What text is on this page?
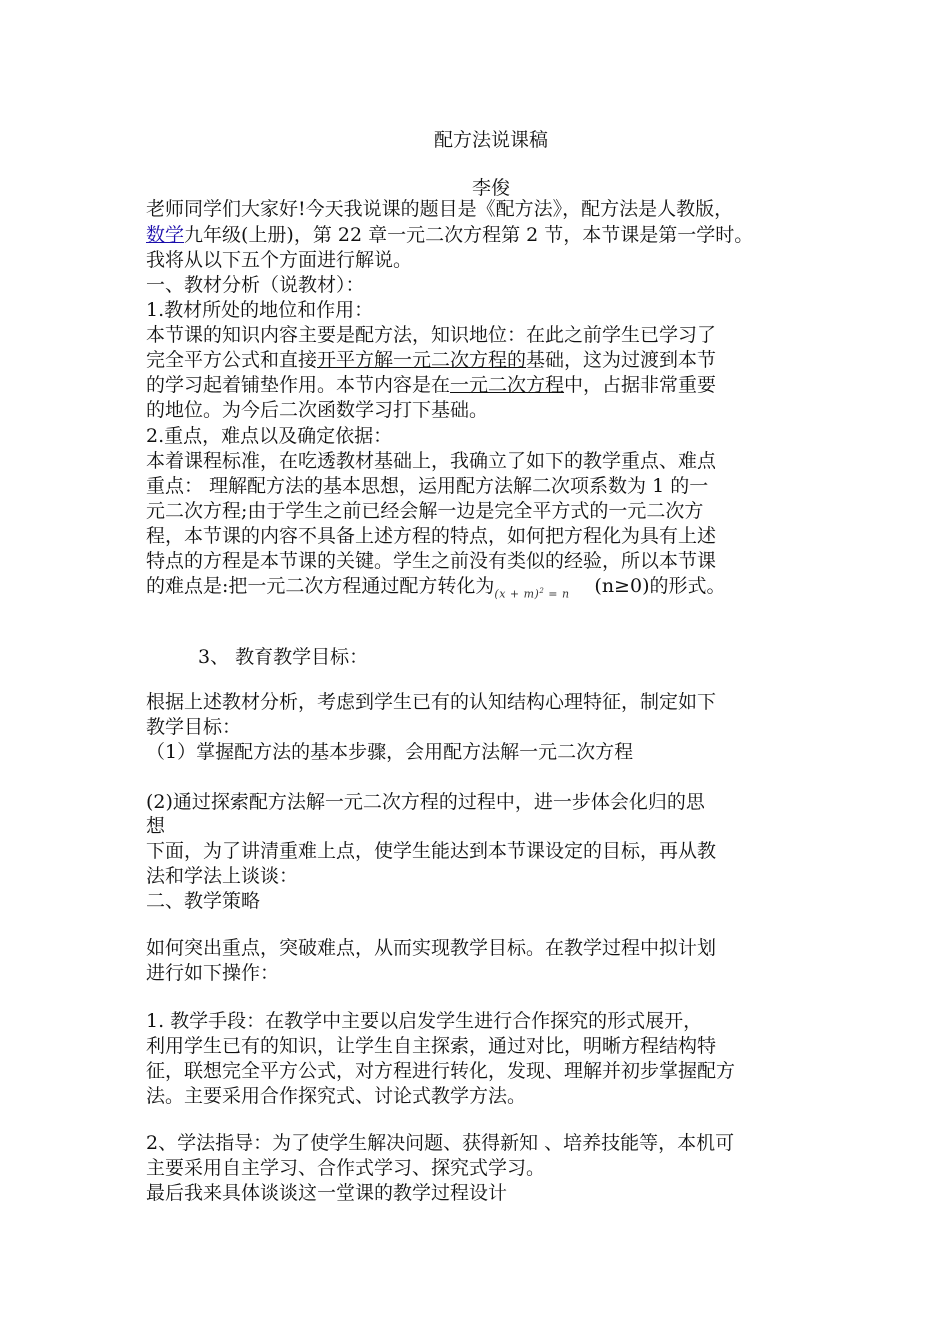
配方法说课稿
李俊
老师同学们大家好!今天我说课的题目是《配方法》，配方法是人教版，
数学九年级(上册)，第 22 章一元二次方程第 2 节，本节课是第一学时。
我将从以下五个方面进行解说。
一、教材分析（说教材）：
1.教材所处的地位和作用：
本节课的知识内容主要是配方法，知识地位：在此之前学生已学习了
完全平方公式和直接开平方解一元二次方程的基础，这为过渡到本节
的学习起着铺垫作用。本节内容是在一元二次方程中，占据非常重要
的地位。为今后二次函数学习打下基础。
2.重点，难点以及确定依据：
本着课程标准，在吃透教材基础上，我确立了如下的教学重点、难点
重点： 理解配方法的基本思想，运用配方法解二次项系数为 1 的一
元二次方程;由于学生之前已经会解一边是完全平方式的一元二次方
程，本节课的内容不具备上述方程的特点，如何把方程化为具有上述
特点的方程是本节课的关键。学生之前没有类似的经验，所以本节课
的难点是:把一元二次方程通过配方转化为$(x + m)^2 = n$ (n≥0)的形式。
3、 教育教学目标：
根据上述教材分析，考虑到学生已有的认知结构心理特征，制定如下
教学目标：
（1）掌握配方法的基本步骤，会用配方法解一元二次方程
(2)通过探索配方法解一元二次方程的过程中，进一步体会化归的思
想
下面，为了讲清重难上点，使学生能达到本节课设定的目标，再从教
法和学法上谈谈：
二、教学策略
如何突出重点，突破难点，从而实现教学目标。在教学过程中拟计划
进行如下操作：
1. 教学手段：在教学中主要以启发学生进行合作探究的形式展开，
利用学生已有的知识，让学生自主探索，通过对比，明晰方程结构特
征，联想完全平方公式，对方程进行转化，发现、理解并初步掌握配方
法。主要采用合作探究式、讨论式教学方法。
2、学法指导：为了使学生解决问题、获得新知 、培养技能等，本机可
主要采用自主学习、合作式学习、探究式学习。
最后我来具体谈谈这一堂课的教学过程设计
